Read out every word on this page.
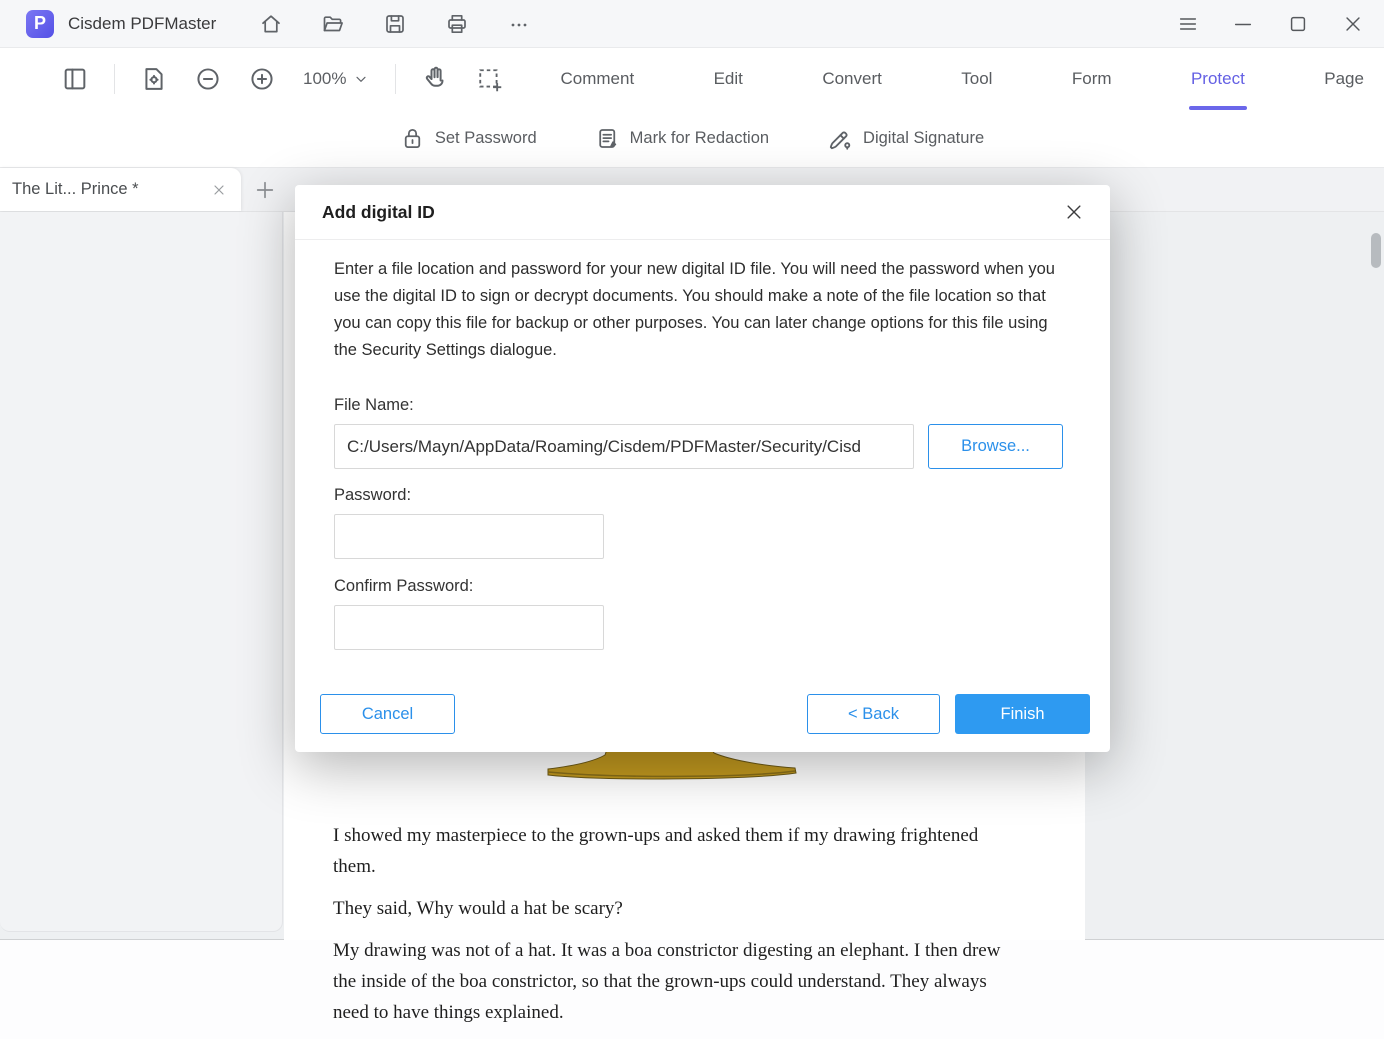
P	Cisdem PDFMaster
100%	Comment	Edit	Convert	Tool	Form	Protect	Page
Set Password	Mark for Redaction	Digital Signature
The Lit... Prince *

I showed my masterpiece to the grown-ups and asked them if my drawing frightened them.

They said, Why would a hat be scary?

My drawing was not of a hat. It was a boa constrictor digesting an elephant. I then drew the inside of the boa constrictor, so that the grown-ups could understand. They always need to have things explained.

Add digital ID

Enter a file location and password for your new digital ID file. You will need the password when you use the digital ID to sign or decrypt documents. You should make a note of the file location so that you can copy this file for backup or other purposes. You can later change options for this file using the Security Settings dialogue.

File Name:
C:/Users/Mayn/AppData/Roaming/Cisdem/PDFMaster/Security/Cisd
Browse...
Password:
Confirm Password:
Cancel	< Back	Finish
